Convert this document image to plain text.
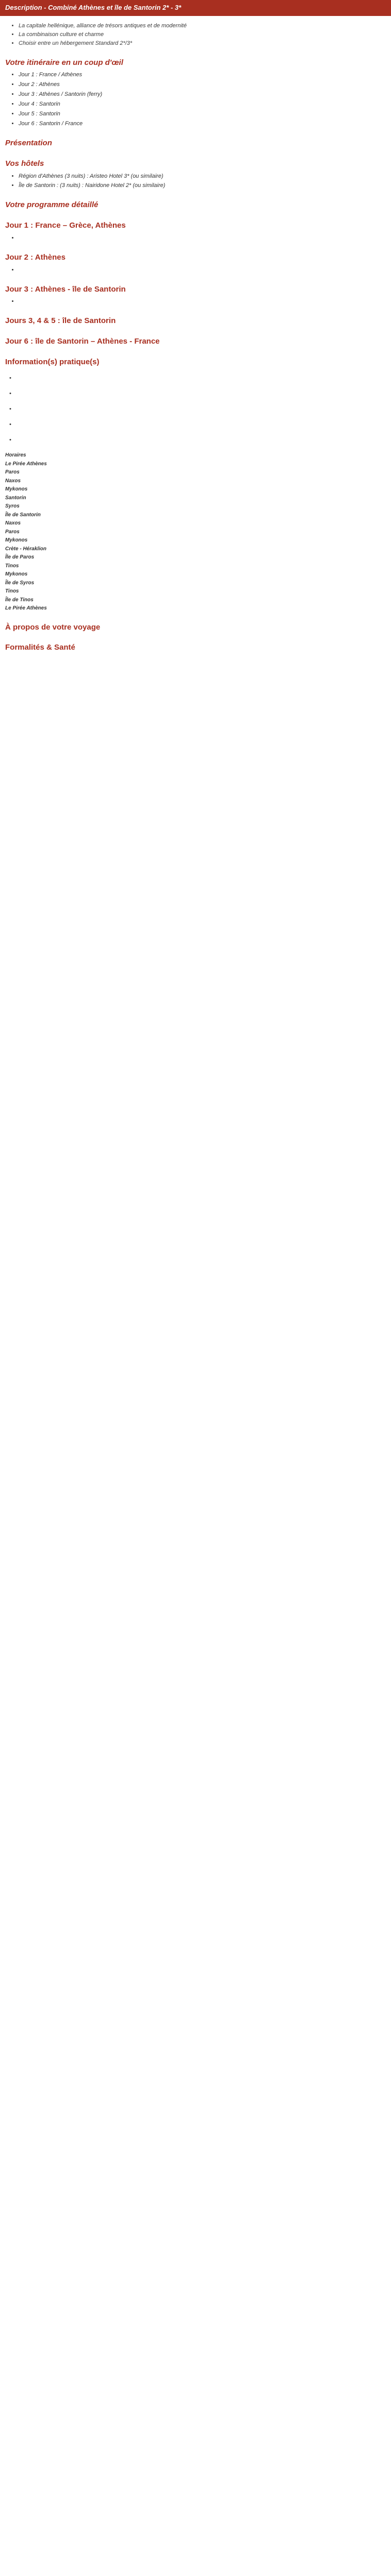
Description - Combiné Athènes et île de Santorin 2* - 3*
• La capitale hellénique, alliance de trésors antiques et de modernité
• La combinaison culture et charme
• Choisir entre un hébergement Standard 2*/3*
Votre itinéraire en un coup d'œil

• Jour 1 : France / Athènes
• Jour 2 : Athènes
• Jour 3 : Athènes / Santorin (ferry)
• Jour 4 : Santorin
• Jour 5 : Santorin
• Jour 6 : Santorin / France
Présentation

Vos hôtels

• Région d'Athènes (3 nuits) : Aristeo Hotel 3* (ou similaire)
• Île de Santorin : (3 nuits) : Nairidone Hotel 2* (ou similaire)
Votre programme détaillé

Jour 1 : France – Grèce, Athènes

•
Jour 2 : Athènes

•
Jour 3 : Athènes - île de Santorin

•
Jours 3, 4 & 5 : île de Santorin

Jour 6 : île de Santorin – Athènes - France

Information(s) pratique(s)
•
•
•
•
•
Horaires
Le Pirée Athènes
Paros
Naxos
Mykonos
Santorin
Syros
Île de Santorin
Naxos
Paros
Mykonos
Crète - Héraklion
Île de Paros
Tinos
Mykonos
Île de Syros
Tinos
Île de Tinos
Le Pirée Athènes
À propos de votre voyage

Formalités & Santé
